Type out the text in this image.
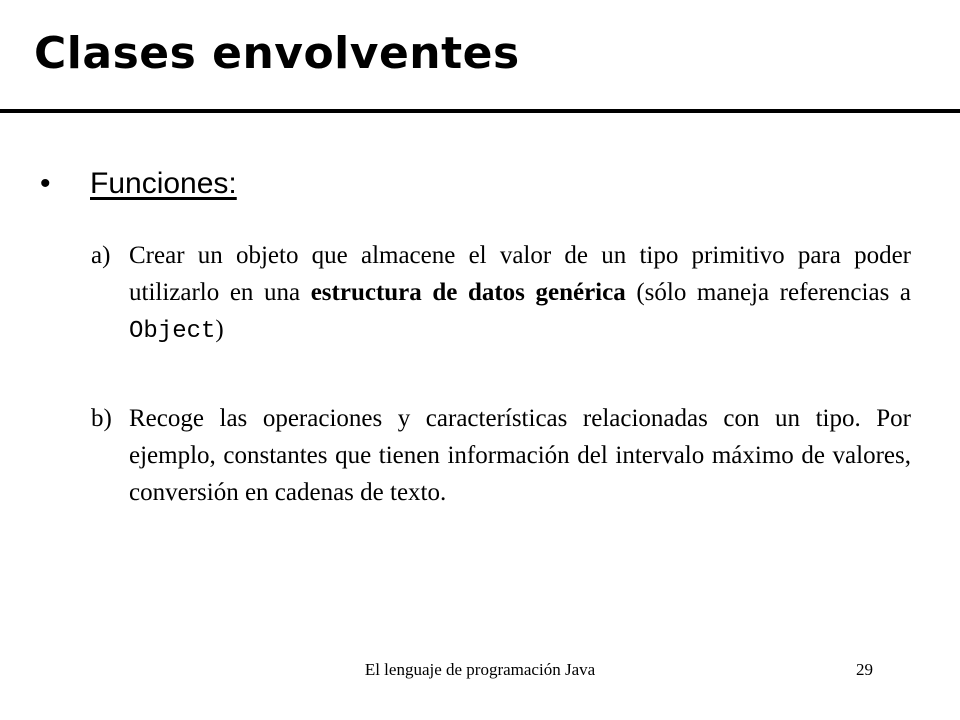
Clases envolventes
• Funciones:
a) Crear un objeto que almacene el valor de un tipo primitivo para poder utilizarlo en una estructura de datos genérica (sólo maneja referencias a Object)
b) Recoge las operaciones y características relacionadas con un tipo. Por ejemplo, constantes que tienen información del intervalo máximo de valores, conversión en cadenas de texto.
El lenguaje de programación Java	29
